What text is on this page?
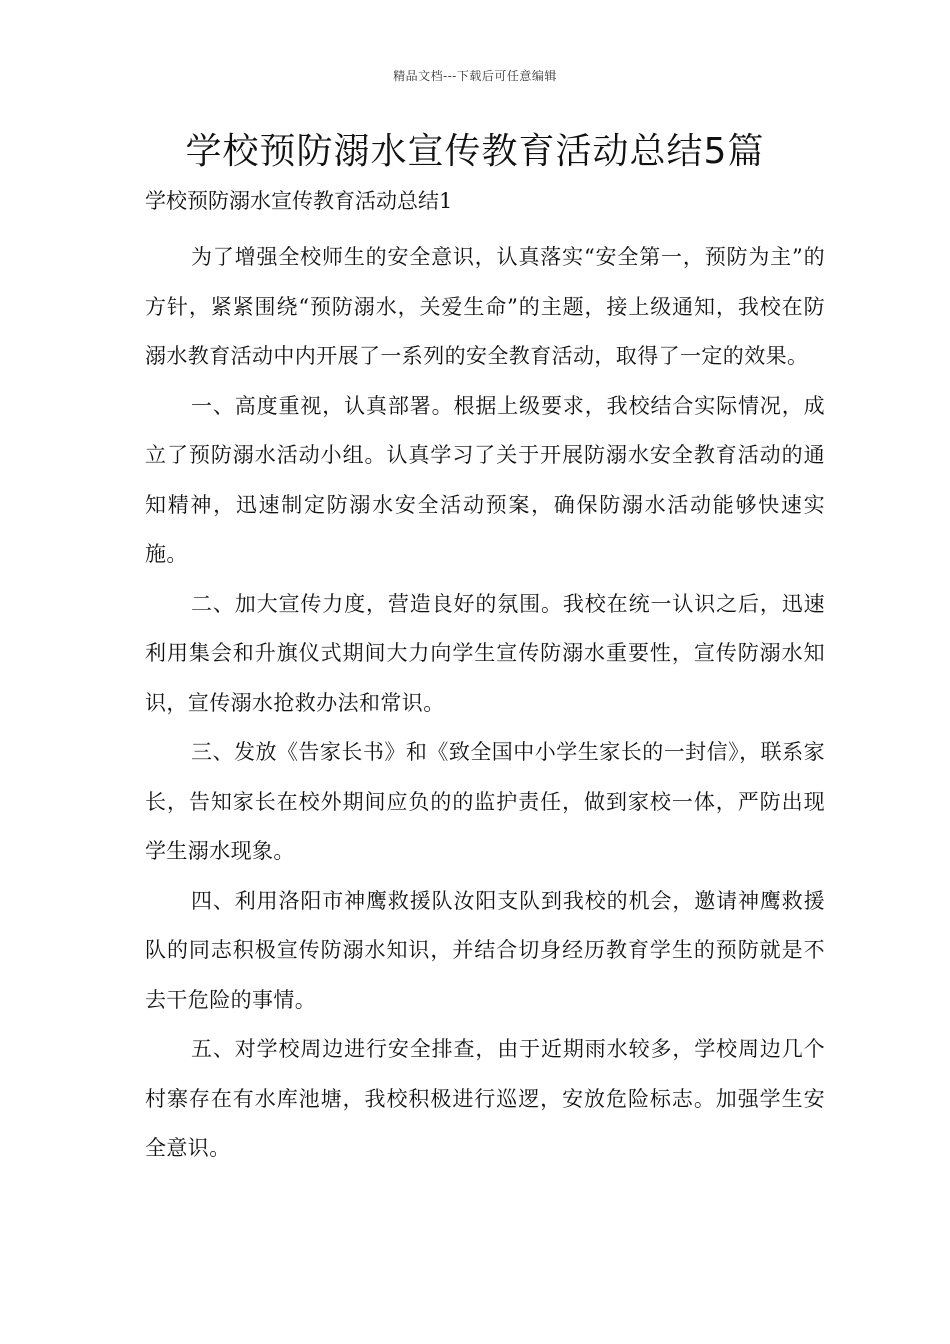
精品文档---下载后可任意编辑
学校预防溺水宣传教育活动总结5篇

学校预防溺水宣传教育活动总结1

为了增强全校师生的安全意识，认真落实“安全第一，预防为主”的方针，紧紧围绕“预防溺水，关爱生命”的主题，接上级通知，我校在防溺水教育活动中内开展了一系列的安全教育活动，取得了一定的效果。

一、高度重视，认真部署。根据上级要求，我校结合实际情况，成立了预防溺水活动小组。认真学习了关于开展防溺水安全教育活动的通知精神，迅速制定防溺水安全活动预案，确保防溺水活动能够快速实施。

二、加大宣传力度，营造良好的氛围。我校在统一认识之后，迅速利用集会和升旗仪式期间大力向学生宣传防溺水重要性，宣传防溺水知识，宣传溺水抢救办法和常识。

三、发放《告家长书》和《致全国中小学生家长的一封信》，联系家长，告知家长在校外期间应负的的监护责任，做到家校一体，严防出现学生溺水现象。

四、利用洛阳市神鹰救援队汝阳支队到我校的机会，邀请神鹰救援队的同志积极宣传防溺水知识，并结合切身经历教育学生的预防就是不去干危险的事情。

五、对学校周边进行安全排查，由于近期雨水较多，学校周边几个村寨存在有水库池塘，我校积极进行巡逻，安放危险标志。加强学生安全意识。
